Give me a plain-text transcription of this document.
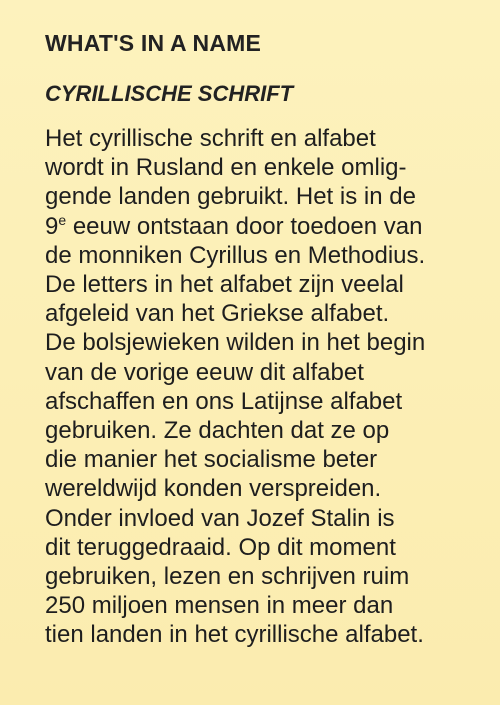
WHAT'S IN A NAME
CYRILLISCHE SCHRIFT
Het cyrillische schrift en alfabet
wordt in Rusland en enkele omlig-
gende landen gebruikt. Het is in de
9e eeuw ontstaan door toedoen van
de monniken Cyrillus en Methodius.
De letters in het alfabet zijn veelal
afgeleid van het Griekse alfabet.
De bolsjewieken wilden in het begin
van de vorige eeuw dit alfabet
afschaffen en ons Latijnse alfabet
gebruiken. Ze dachten dat ze op
die manier het socialisme beter
wereldwijd konden verspreiden.
Onder invloed van Jozef Stalin is
dit teruggedraaid. Op dit moment
gebruiken, lezen en schrijven ruim
250 miljoen mensen in meer dan
tien landen in het cyrillische alfabet.
